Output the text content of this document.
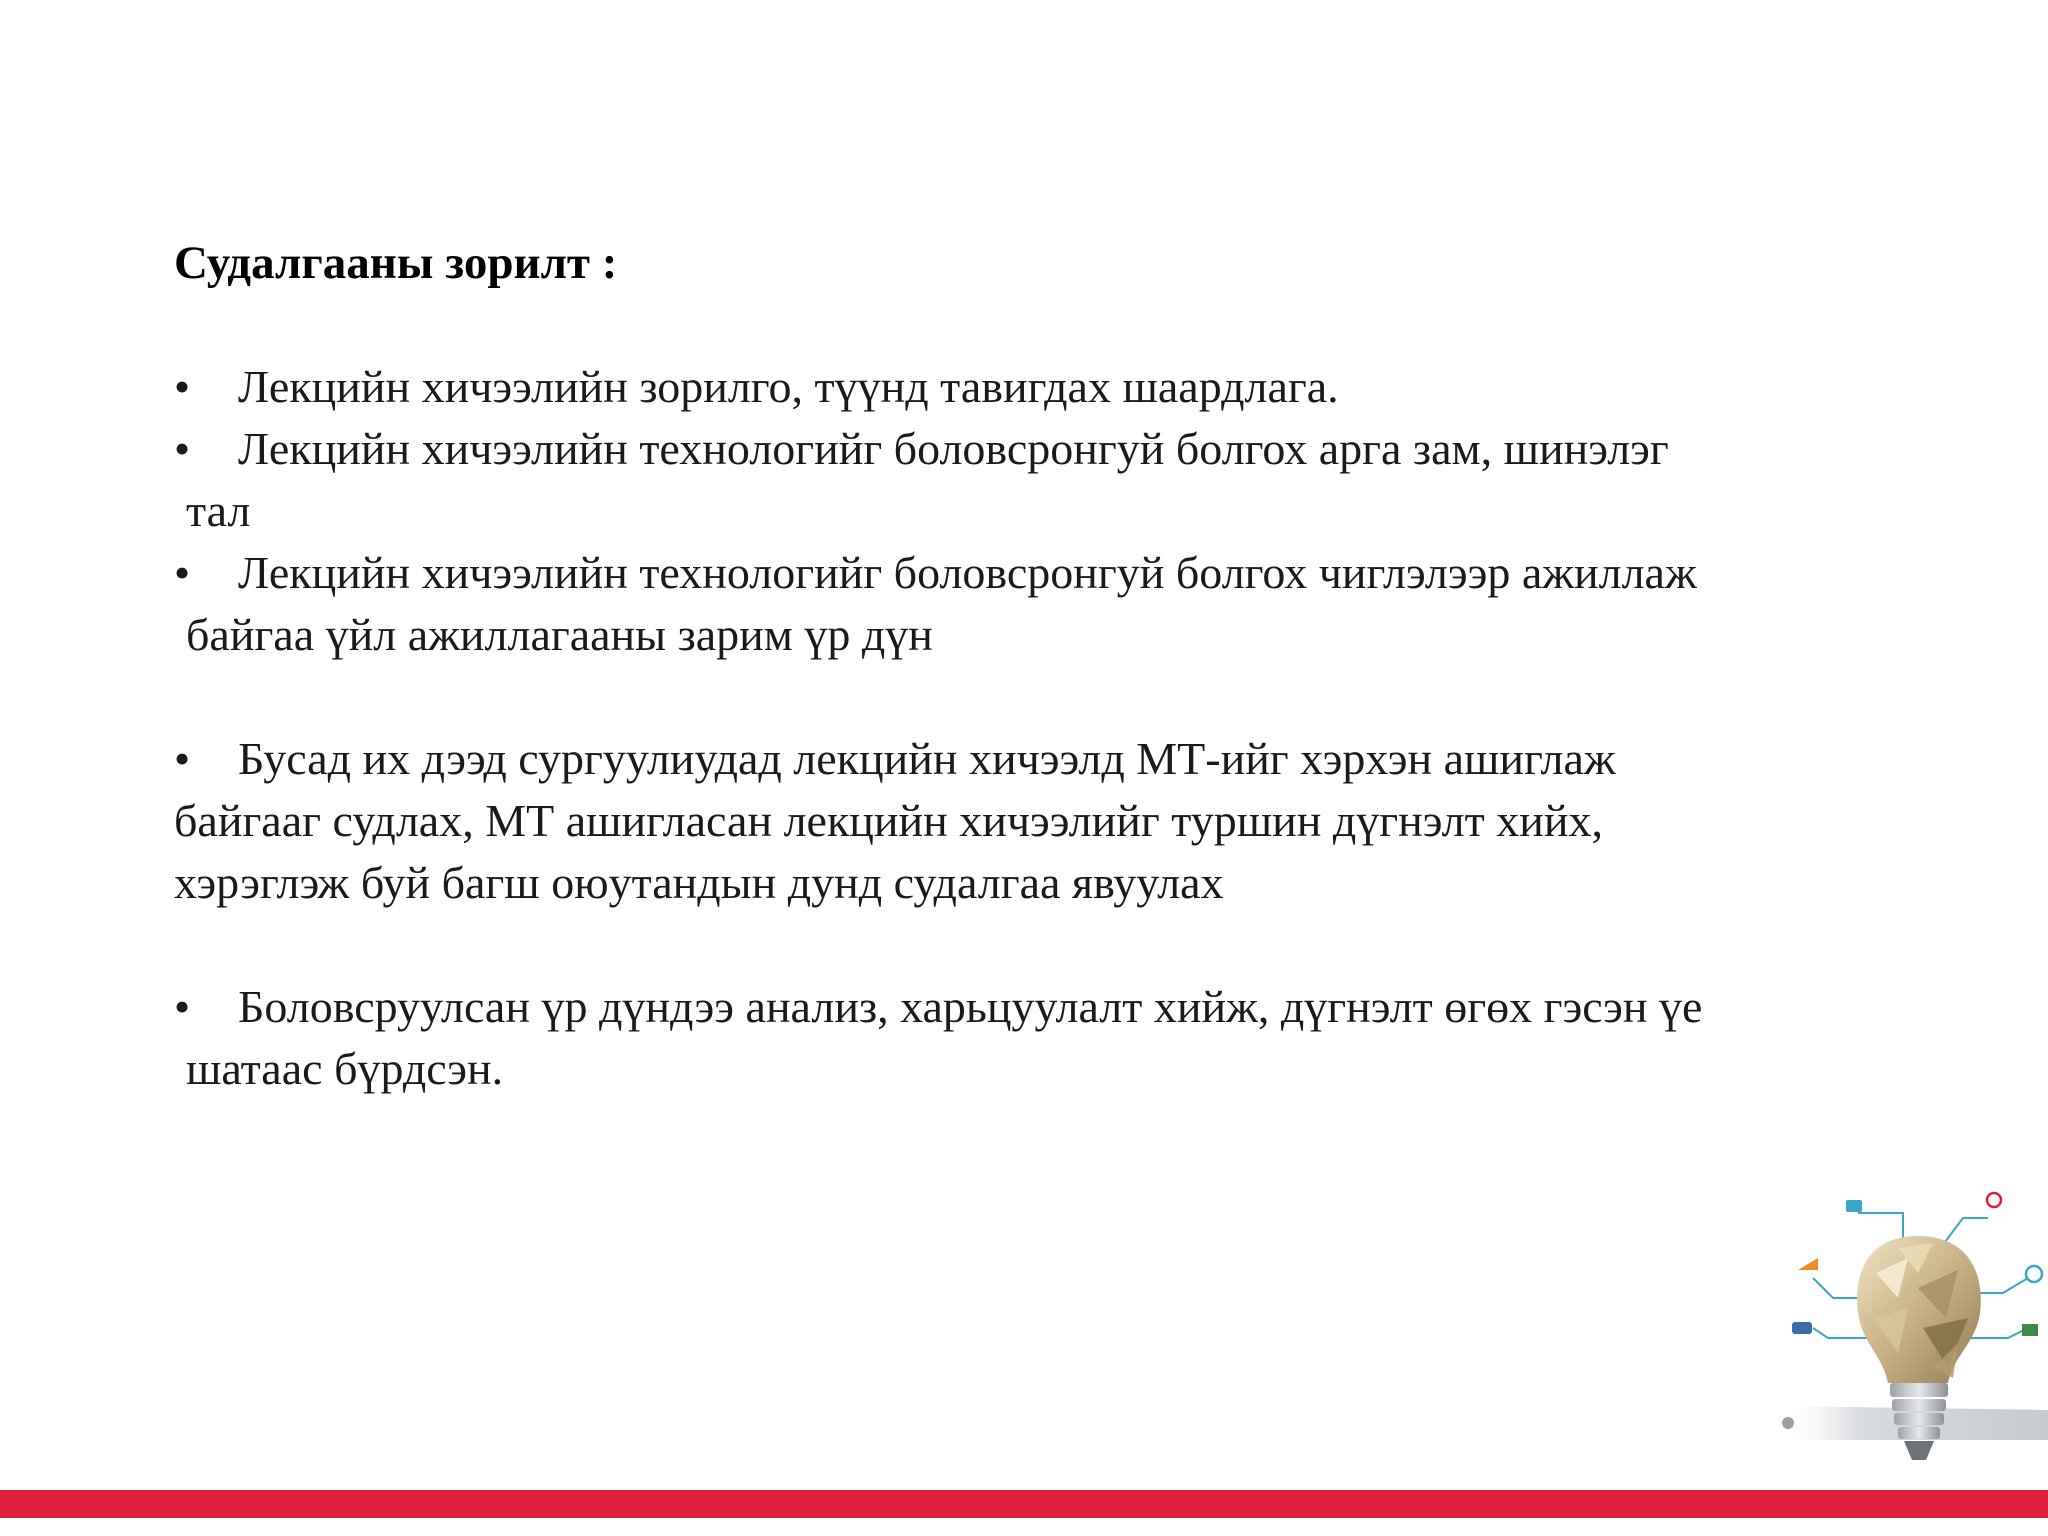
Судалгааны зорилт :

•	Лекцийн хичээлийн зорилго, түүнд тавигдах шаардлага.
•	Лекцийн хичээлийн технологийг боловсронгуй болгох арга зам, шинэлэг

тал

•	Лекцийн хичээлийн технологийг боловсронгуй болгох чиглэлээр ажиллаж

байгаа үйл ажиллагааны зарим үр дүн

•	Бусад их дээд сургуулиудад лекцийн хичээлд МТ-ийг хэрхэн ашиглаж

байгааг судлах, МТ ашигласан лекцийн хичээлийг туршин дүгнэлт хийх,

хэрэглэж буй багш оюутандын дунд судалгаа явуулах

•	Боловсруулсан үр дүндээ анализ, харьцуулалт хийж, дүгнэлт өгөх гэсэн үе

шатаас бүрдсэн.
